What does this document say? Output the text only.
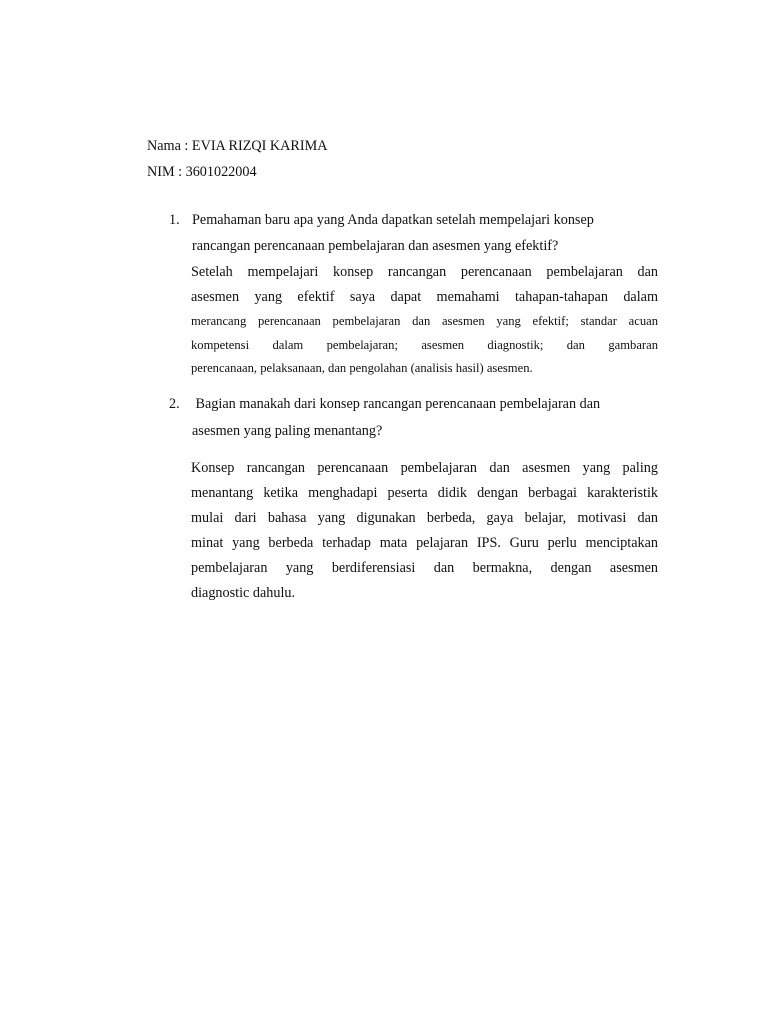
Nama : EVIA RIZQI KARIMA
NIM : 3601022004
1. Pemahaman baru apa yang Anda dapatkan setelah mempelajari konsep
rancangan perencanaan pembelajaran dan asesmen yang efektif?
Setelah mempelajari konsep rancangan perencanaan pembelajaran dan
asesmen yang efektif saya dapat memahami tahapan-tahapan dalam
merancang perencanaan pembelajaran dan asesmen yang efektif; standar acuan
kompetensi dalam pembelajaran; asesmen diagnostik; dan gambaran
perencanaan, pelaksanaan, dan pengolahan (analisis hasil) asesmen.
2. Bagian manakah dari konsep rancangan perencanaan pembelajaran dan
asesmen yang paling menantang?
Konsep rancangan perencanaan pembelajaran dan asesmen yang paling
menantang ketika menghadapi peserta didik dengan berbagai karakteristik
mulai dari bahasa yang digunakan berbeda, gaya belajar, motivasi dan
minat yang berbeda terhadap mata pelajaran IPS. Guru perlu menciptakan
pembelajaran yang berdiferensiasi dan bermakna, dengan asesmen
diagnostic dahulu.
